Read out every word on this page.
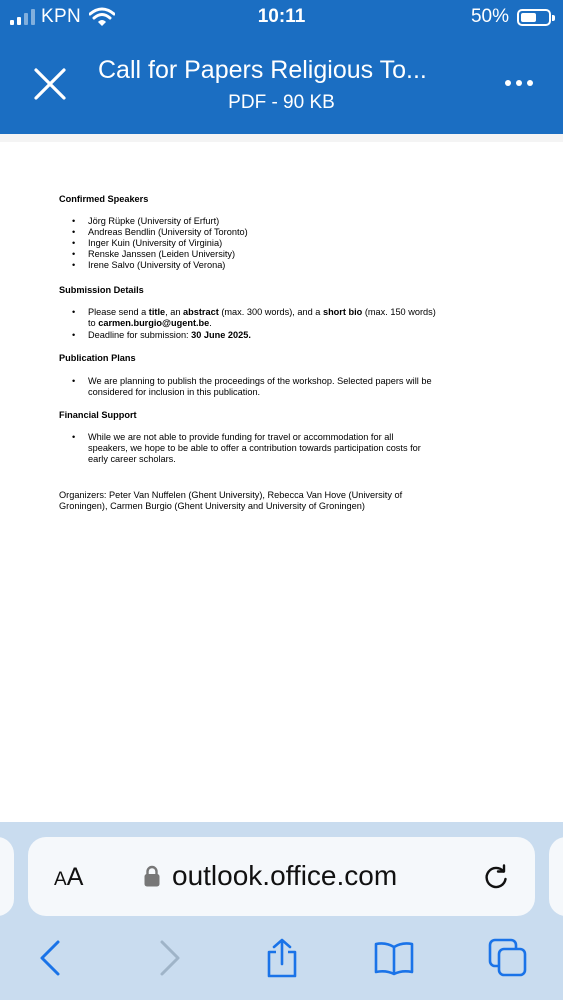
KPN	10:11	50%
Call for Papers Religious To...
PDF - 90 KB
Confirmed Speakers
• Jörg Rüpke (University of Erfurt)
• Andreas Bendlin (University of Toronto)
• Inger Kuin (University of Virginia)
• Renske Janssen (Leiden University)
• Irene Salvo (University of Verona)
Submission Details
• Please send a title, an abstract (max. 300 words), and a short bio (max. 150 words)
to carmen.burgio@ugent.be.
• Deadline for submission: 30 June 2025.
Publication Plans
• We are planning to publish the proceedings of the workshop. Selected papers will be
considered for inclusion in this publication.
Financial Support
• While we are not able to provide funding for travel or accommodation for all
speakers, we hope to be able to offer a contribution towards participation costs for
early career scholars.
Organizers: Peter Van Nuffelen (Ghent University), Rebecca Van Hove (University of
Groningen), Carmen Burgio (Ghent University and University of Groningen)
AA	outlook.office.com
